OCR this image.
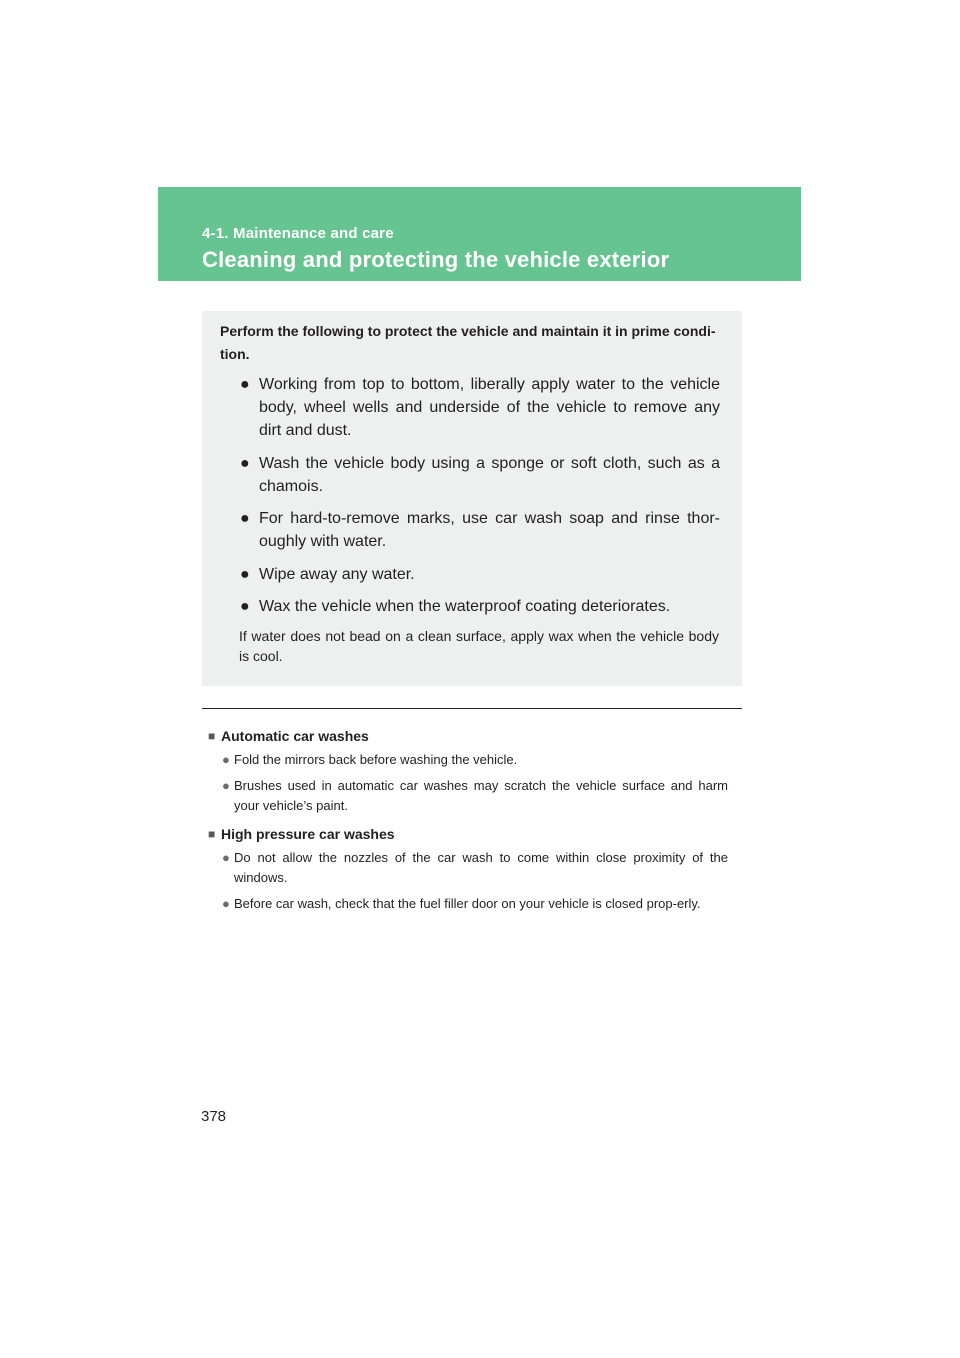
4-1. Maintenance and care
Cleaning and protecting the vehicle exterior
Perform the following to protect the vehicle and maintain it in prime condi-tion.
● Working from top to bottom, liberally apply water to the vehicle body, wheel wells and underside of the vehicle to remove any dirt and dust.
● Wash the vehicle body using a sponge or soft cloth, such as a chamois.
● For hard-to-remove marks, use car wash soap and rinse thor-oughly with water.
● Wipe away any water.
● Wax the vehicle when the waterproof coating deteriorates.
If water does not bead on a clean surface, apply wax when the vehicle body is cool.
■ Automatic car washes
● Fold the mirrors back before washing the vehicle.
● Brushes used in automatic car washes may scratch the vehicle surface and harm your vehicle’s paint.
■ High pressure car washes
● Do not allow the nozzles of the car wash to come within close proximity of the windows.
● Before car wash, check that the fuel filler door on your vehicle is closed prop-erly.
378
